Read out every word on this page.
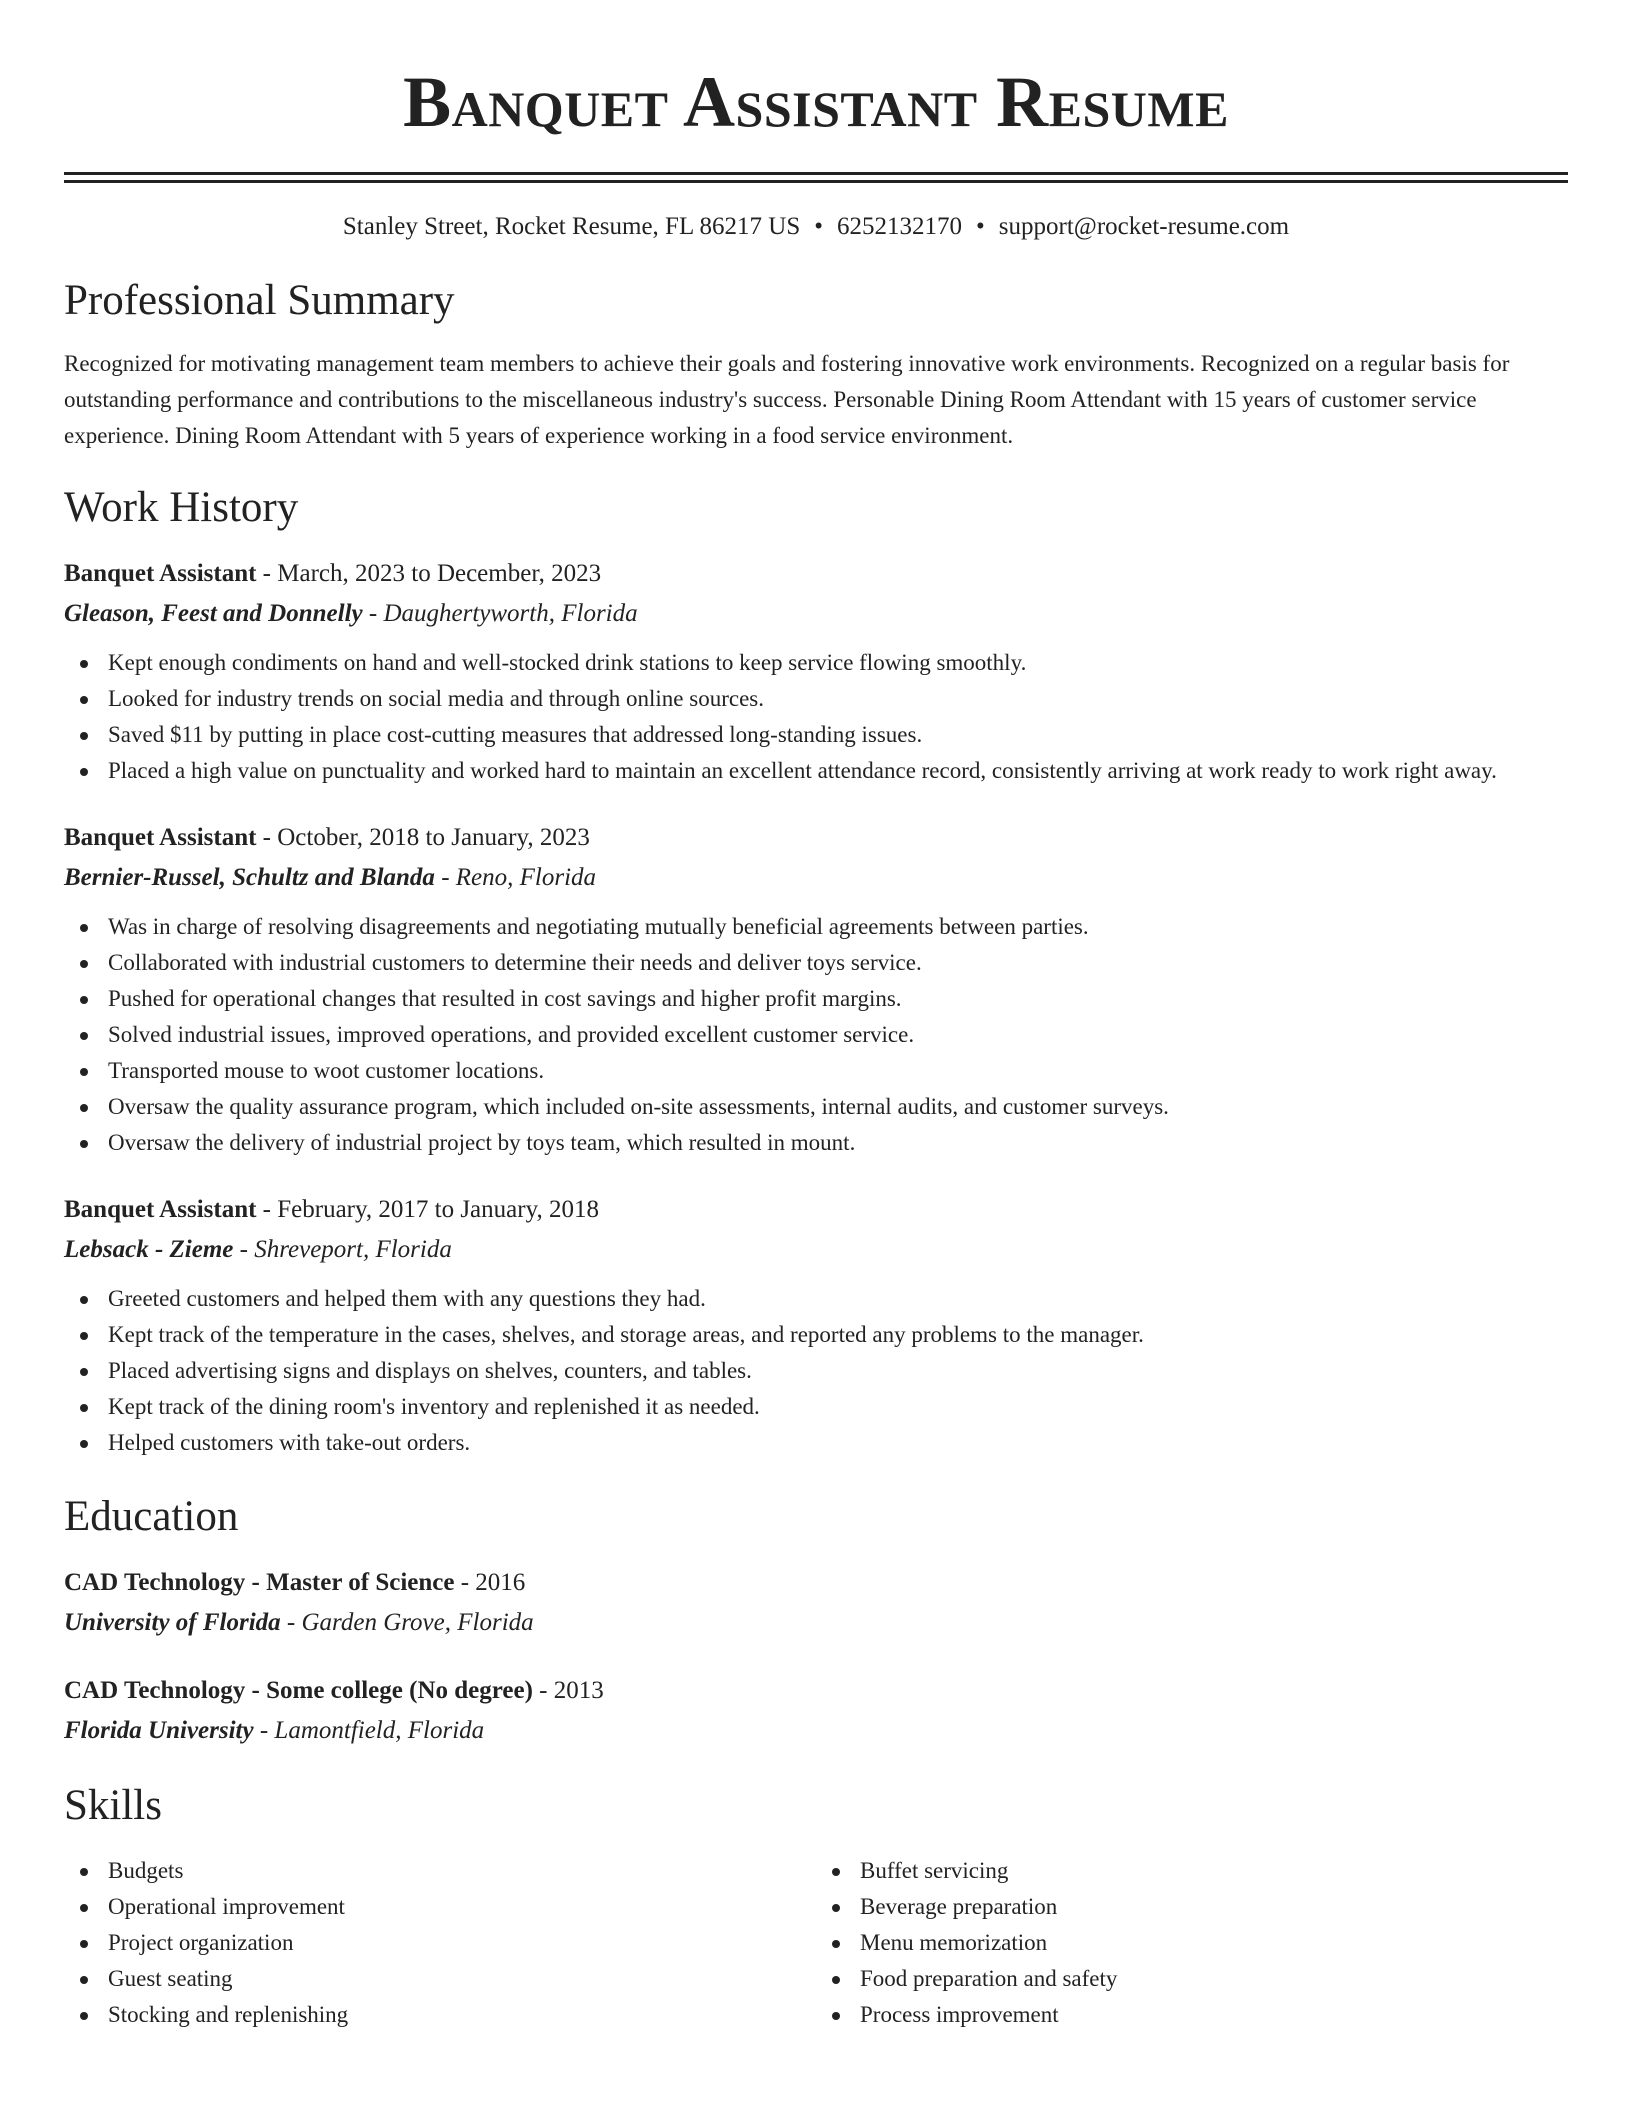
Banquet Assistant Resume
Stanley Street, Rocket Resume, FL 86217 US • 6252132170 • support@rocket-resume.com
Professional Summary

Recognized for motivating management team members to achieve their goals and fostering innovative work environments. Recognized on a regular basis for outstanding performance and contributions to the miscellaneous industry's success. Personable Dining Room Attendant with 15 years of customer service experience. Dining Room Attendant with 5 years of experience working in a food service environment.

Work History
Banquet Assistant - March, 2023 to December, 2023
Gleason, Feest and Donnelly - Daughertyworth, Florida
Kept enough condiments on hand and well-stocked drink stations to keep service flowing smoothly.
Looked for industry trends on social media and through online sources.
Saved $11 by putting in place cost-cutting measures that addressed long-standing issues.
Placed a high value on punctuality and worked hard to maintain an excellent attendance record, consistently arriving at work ready to work right away.
Banquet Assistant - October, 2018 to January, 2023
Bernier-Russel, Schultz and Blanda - Reno, Florida
Was in charge of resolving disagreements and negotiating mutually beneficial agreements between parties.
Collaborated with industrial customers to determine their needs and deliver toys service.
Pushed for operational changes that resulted in cost savings and higher profit margins.
Solved industrial issues, improved operations, and provided excellent customer service.
Transported mouse to woot customer locations.
Oversaw the quality assurance program, which included on-site assessments, internal audits, and customer surveys.
Oversaw the delivery of industrial project by toys team, which resulted in mount.
Banquet Assistant - February, 2017 to January, 2018
Lebsack - Zieme - Shreveport, Florida
Greeted customers and helped them with any questions they had.
Kept track of the temperature in the cases, shelves, and storage areas, and reported any problems to the manager.
Placed advertising signs and displays on shelves, counters, and tables.
Kept track of the dining room's inventory and replenished it as needed.
Helped customers with take-out orders.
Education
CAD Technology - Master of Science - 2016
University of Florida - Garden Grove, Florida
CAD Technology - Some college (No degree) - 2013
Florida University - Lamontfield, Florida
Skills
Budgets
Operational improvement
Project organization
Guest seating
Stocking and replenishing
Buffet servicing
Beverage preparation
Menu memorization
Food preparation and safety
Process improvement
